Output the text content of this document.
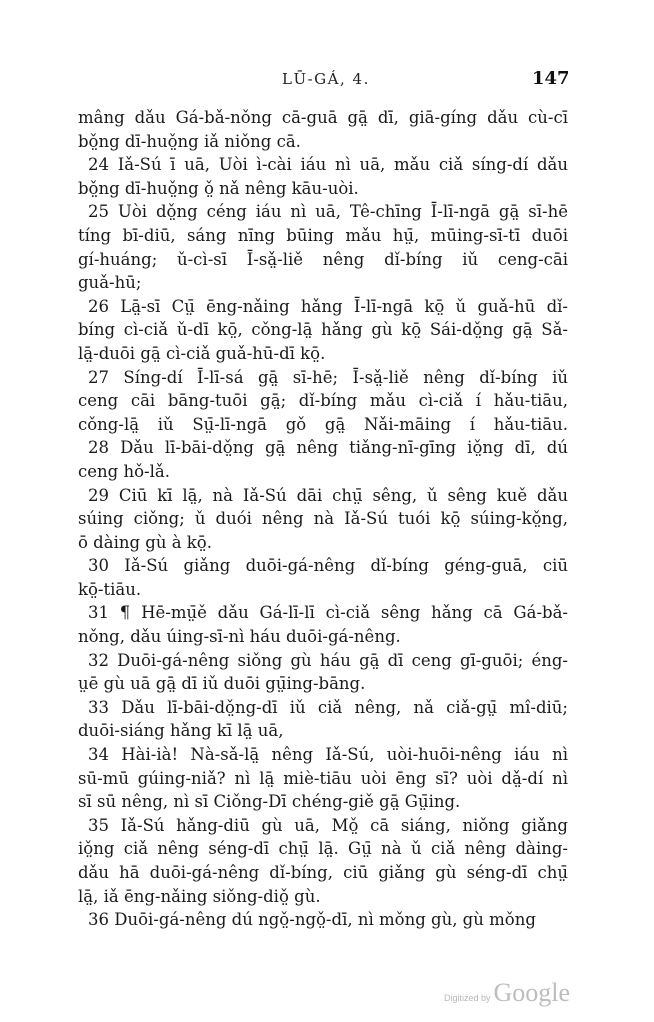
LŪ-GÁ, 4.	147
mâng dǎu Gá-bǎ-nǒng cā-guā gā̤ dī, giā-gíng dǎu cù-cī
bǒ̤ng dī-huǒ̤ng iǎ niǒng cā.
24 Iǎ-Sú ī uā, Uòi ì-cài iáu nì uā, mǎu ciǎ síng-dí dǎu
bǒ̤ng dī-huǒ̤ng ǒ̤ nǎ nêng kāu-uòi.
25 Uòi dǒ̤ng céng iáu nì uā, Tê-chīng Ī-lī-ngā gā̤ sī-hē
tíng bī-diū, sáng nīng būing mǎu hṳ̄, mūing-sī-tī duōi
gí-huáng; ǔ-cì-sī Ī-sǎ̤-liě nêng dǐ-bíng iǔ ceng-cāi
guǎ-hū;
26 Lā̤-sī Cṳ̄ ēng-nǎing hǎng Ī-lī-ngā kō̤ ǔ guǎ-hū dǐ-
bíng cì-ciǎ ǔ-dī kō̤, cǒng-lā̤ hǎng gù kō̤ Sái-dǒ̤ng gā̤ Sǎ-
lā̤-duōi gā̤ cì-ciǎ guǎ-hū-dī kō̤.
27 Síng-dí Ī-lī-sá gā̤ sī-hē; Ī-sǎ̤-liě nêng dǐ-bíng iǔ
ceng cāi bāng-tuōi gā̤; dǐ-bíng mǎu cì-ciǎ í hǎu-tiāu,
cǒng-lā̤ iǔ Sṳ̄-lī-ngā gǒ gā̤ Nǎi-māing í hǎu-tiāu.
28 Dǎu lī-bāi-dǒ̤ng gā̤ nêng tiǎng-nī-gīng iǒ̤ng dī, dú
ceng hǒ-lǎ.
29 Ciū kī lā̤, nà Iǎ-Sú dāi chṳ̄ sêng, ǔ sêng kuě dǎu
súing ciǒng; ǔ duói nêng nà Iǎ-Sú tuói kō̤ súing-kǒ̤ng,
ō dàing gù à kō̤.
30 Iǎ-Sú giǎng duōi-gá-nêng dǐ-bíng géng-guā, ciū
kō̤-tiāu.
31 ¶ Hē-mṳ̄ě dǎu Gá-lī-lī cì-ciǎ sêng hǎng cā Gá-bǎ-
nǒng, dǎu úing-sī-nì háu duōi-gá-nêng.
32 Duōi-gá-nêng siǒng gù háu gā̤ dī ceng gī-guōi; éng-
ṳē gù uā gā̤ dī iǔ duōi gṳ̄ing-bāng.
33 Dǎu lī-bāi-dǒ̤ng-dī iǔ ciǎ nêng, nǎ ciǎ-gṳ̄ mî-diū;
duōi-siáng hǎng kī lā̤ uā,
34 Hài-ià! Nà-sǎ-lā̤ nêng Iǎ-Sú, uòi-huōi-nêng iáu nì
sū-mū gúing-niǎ? nì lā̤ miè-tiāu uòi ēng sī? uòi dǎ̤-dí nì
sī sū nêng, nì sī Ciǒng-Dī chéng-giě gā̤ Gṳ̄ing.
35 Iǎ-Sú hǎng-diū gù uā, Mǒ̤ cā siáng, niǒng giǎng
iǒ̤ng ciǎ nêng séng-dī chṳ̄ lā̤. Gṳ̄ nà ǔ ciǎ nêng dàing-
dǎu hā duōi-gá-nêng dǐ-bíng, ciū giǎng gù séng-dī chṳ̄
lā̤, iǎ ēng-nǎing siǒng-diǒ̤ gù.
36 Duōi-gá-nêng dú ngǒ̤-ngǒ̤-dī, nì mǒng gù, gù mǒng
Digitized by Google
